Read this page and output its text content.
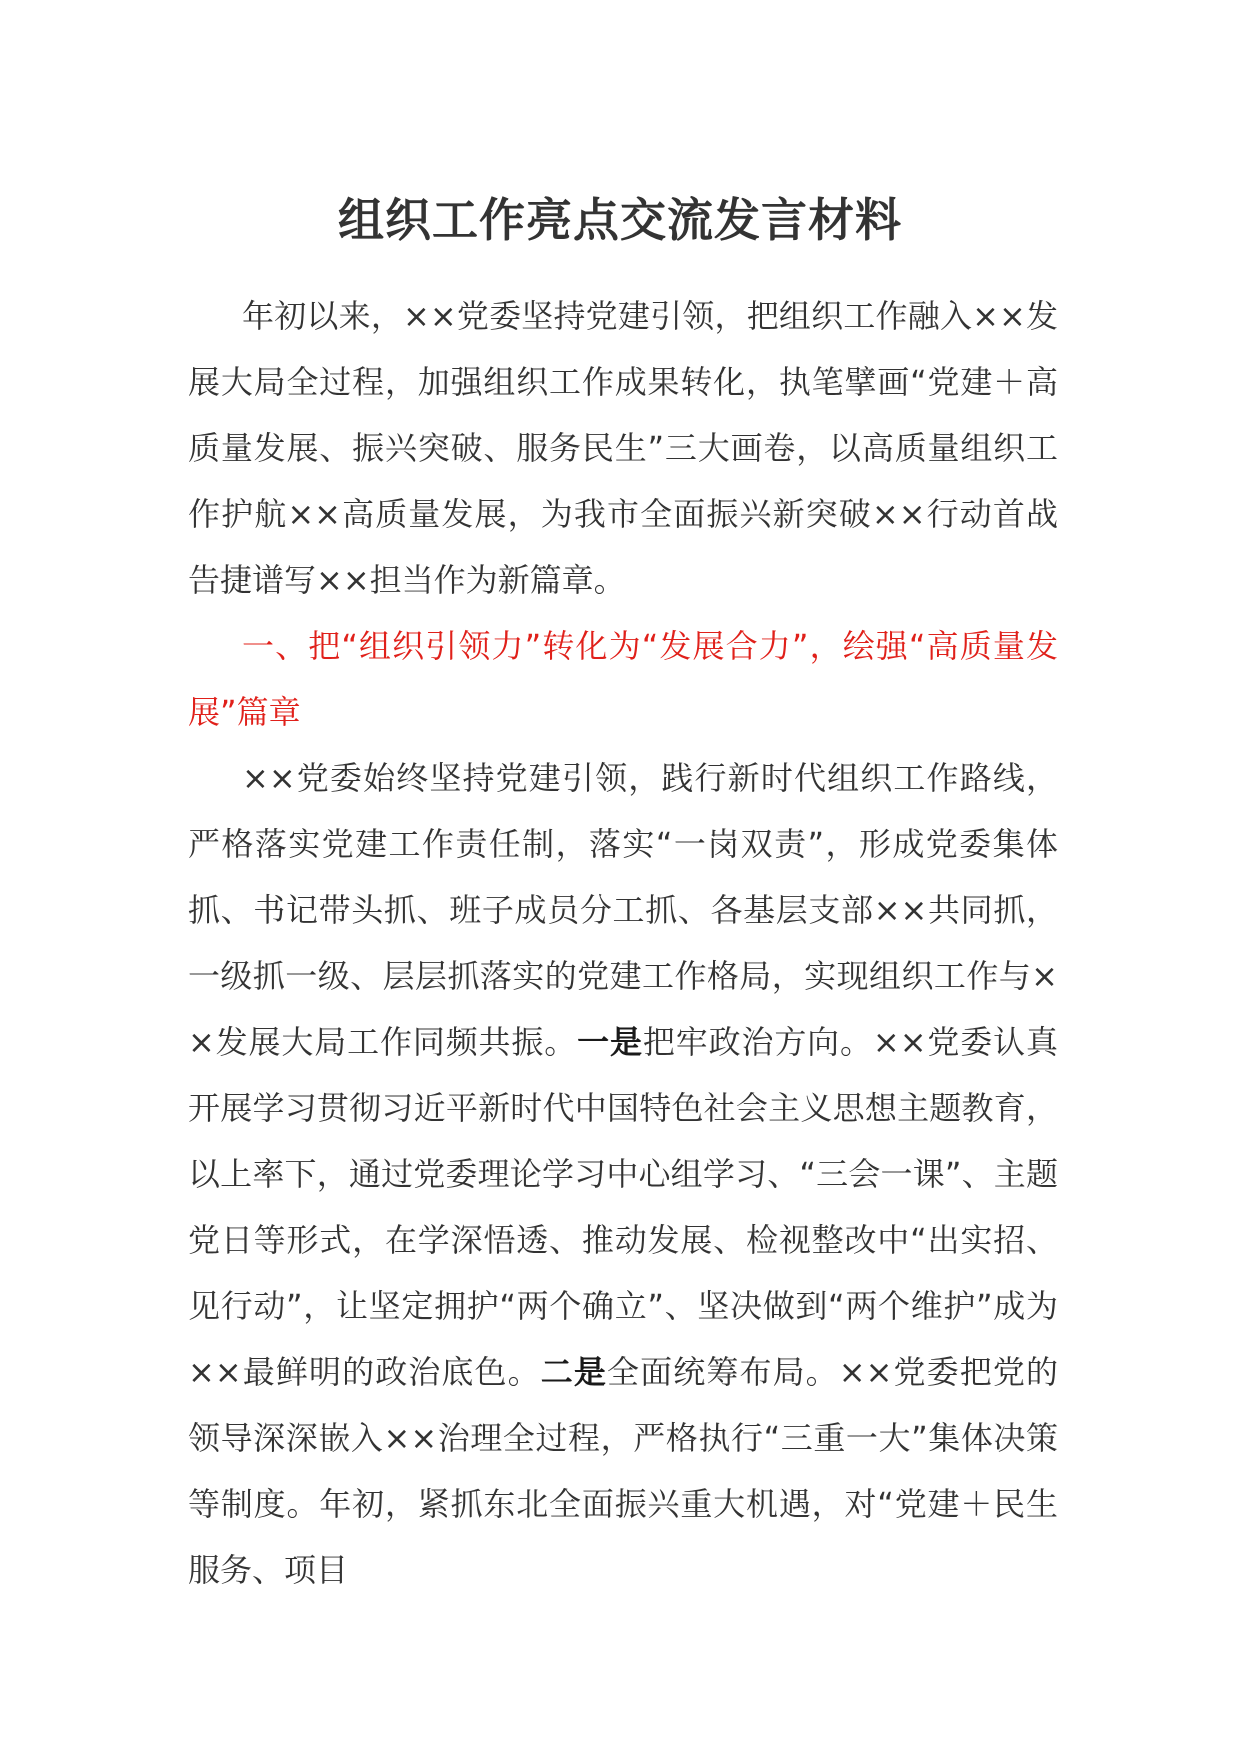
组织工作亮点交流发言材料

年初以来，××党委坚持党建引领，把组织工作融入××发展大局全过程，加强组织工作成果转化，执笔擘画“党建＋高质量发展、振兴突破、服务民生”三大画卷，以高质量组织工作护航××高质量发展，为我市全面振兴新突破××行动首战告捷谱写××担当作为新篇章。

一、把“组织引领力”转化为“发展合力”，绘强“高质量发展”篇章

××党委始终坚持党建引领，践行新时代组织工作路线，严格落实党建工作责任制，落实“一岗双责”，形成党委集体抓、书记带头抓、班子成员分工抓、各基层支部××共同抓，一级抓一级、层层抓落实的党建工作格局，实现组织工作与××发展大局工作同频共振。一是把牢政治方向。××党委认真开展学习贯彻习近平新时代中国特色社会主义思想主题教育，以上率下，通过党委理论学习中心组学习、“三会一课”、主题党日等形式，在学深悟透、推动发展、检视整改中“出实招、见行动”，让坚定拥护“两个确立”、坚决做到“两个维护”成为××最鲜明的政治底色。二是全面统筹布局。××党委把党的领导深深嵌入××治理全过程，严格执行“三重一大”集体决策等制度。年初，紧抓东北全面振兴重大机遇，对“党建＋民生服务、项目
